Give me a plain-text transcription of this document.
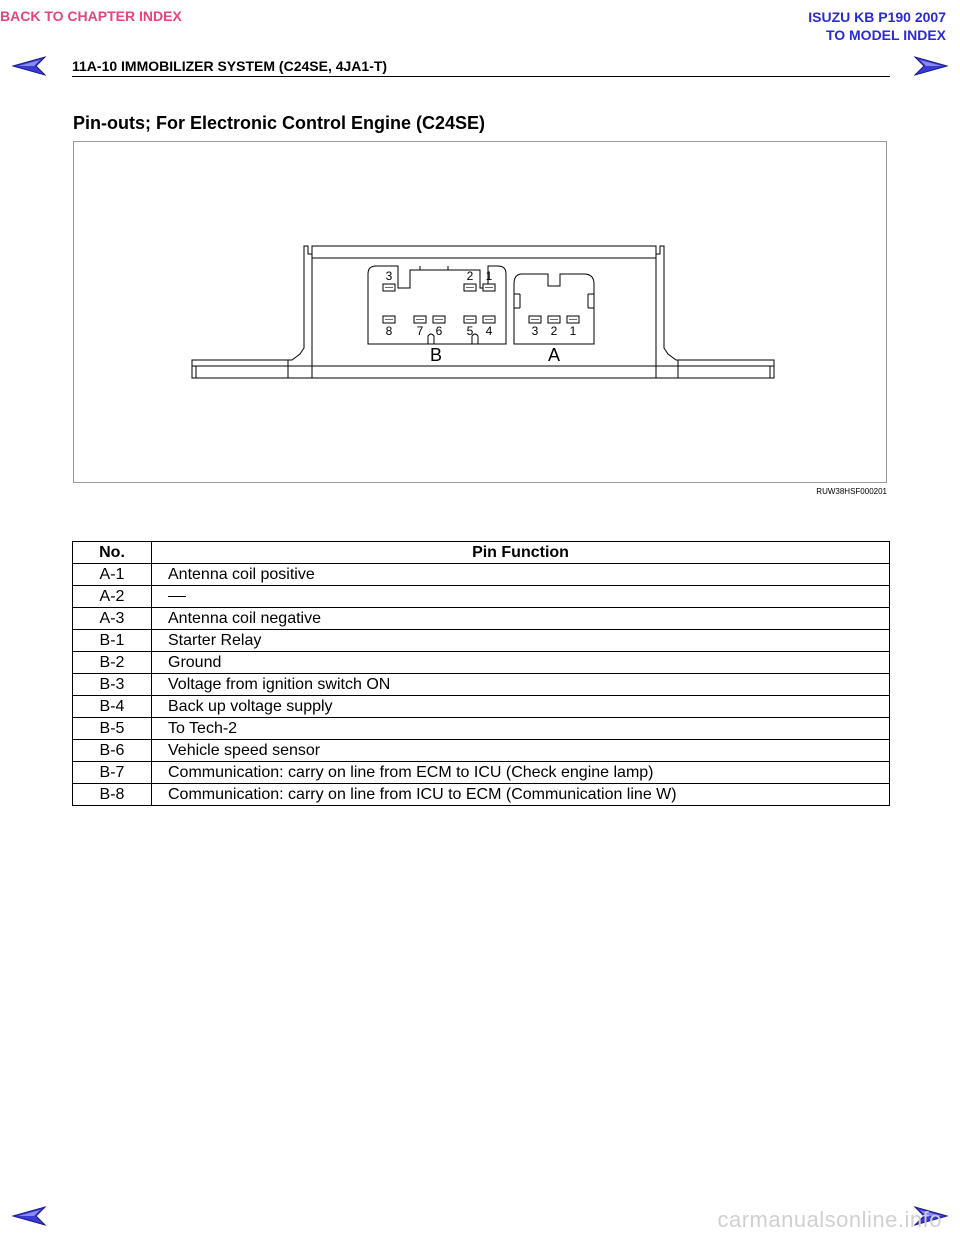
BACK TO CHAPTER INDEX	ISUZU KB P190 2007
TO MODEL INDEX
11A-10 IMMOBILIZER SYSTEM (C24SE, 4JA1-T)
Pin-outs; For Electronic Control Engine (C24SE)
3	2 1
8 7 6 5 4	3 2 1
B	A
RUW38HSF000201
No.	Pin Function
A-1	Antenna coil positive
A-2	
A-3	Antenna coil negative
B-1	Starter Relay
B-2	Ground
B-3	Voltage from ignition switch ON
B-4	Back up voltage supply
B-5	To Tech-2
B-6	Vehicle speed sensor
B-7	Communication: carry on line from ECM to ICU (Check engine lamp)
B-8	Communication: carry on line from ICU to ECM (Communication line W)
carmanualsonline.info
